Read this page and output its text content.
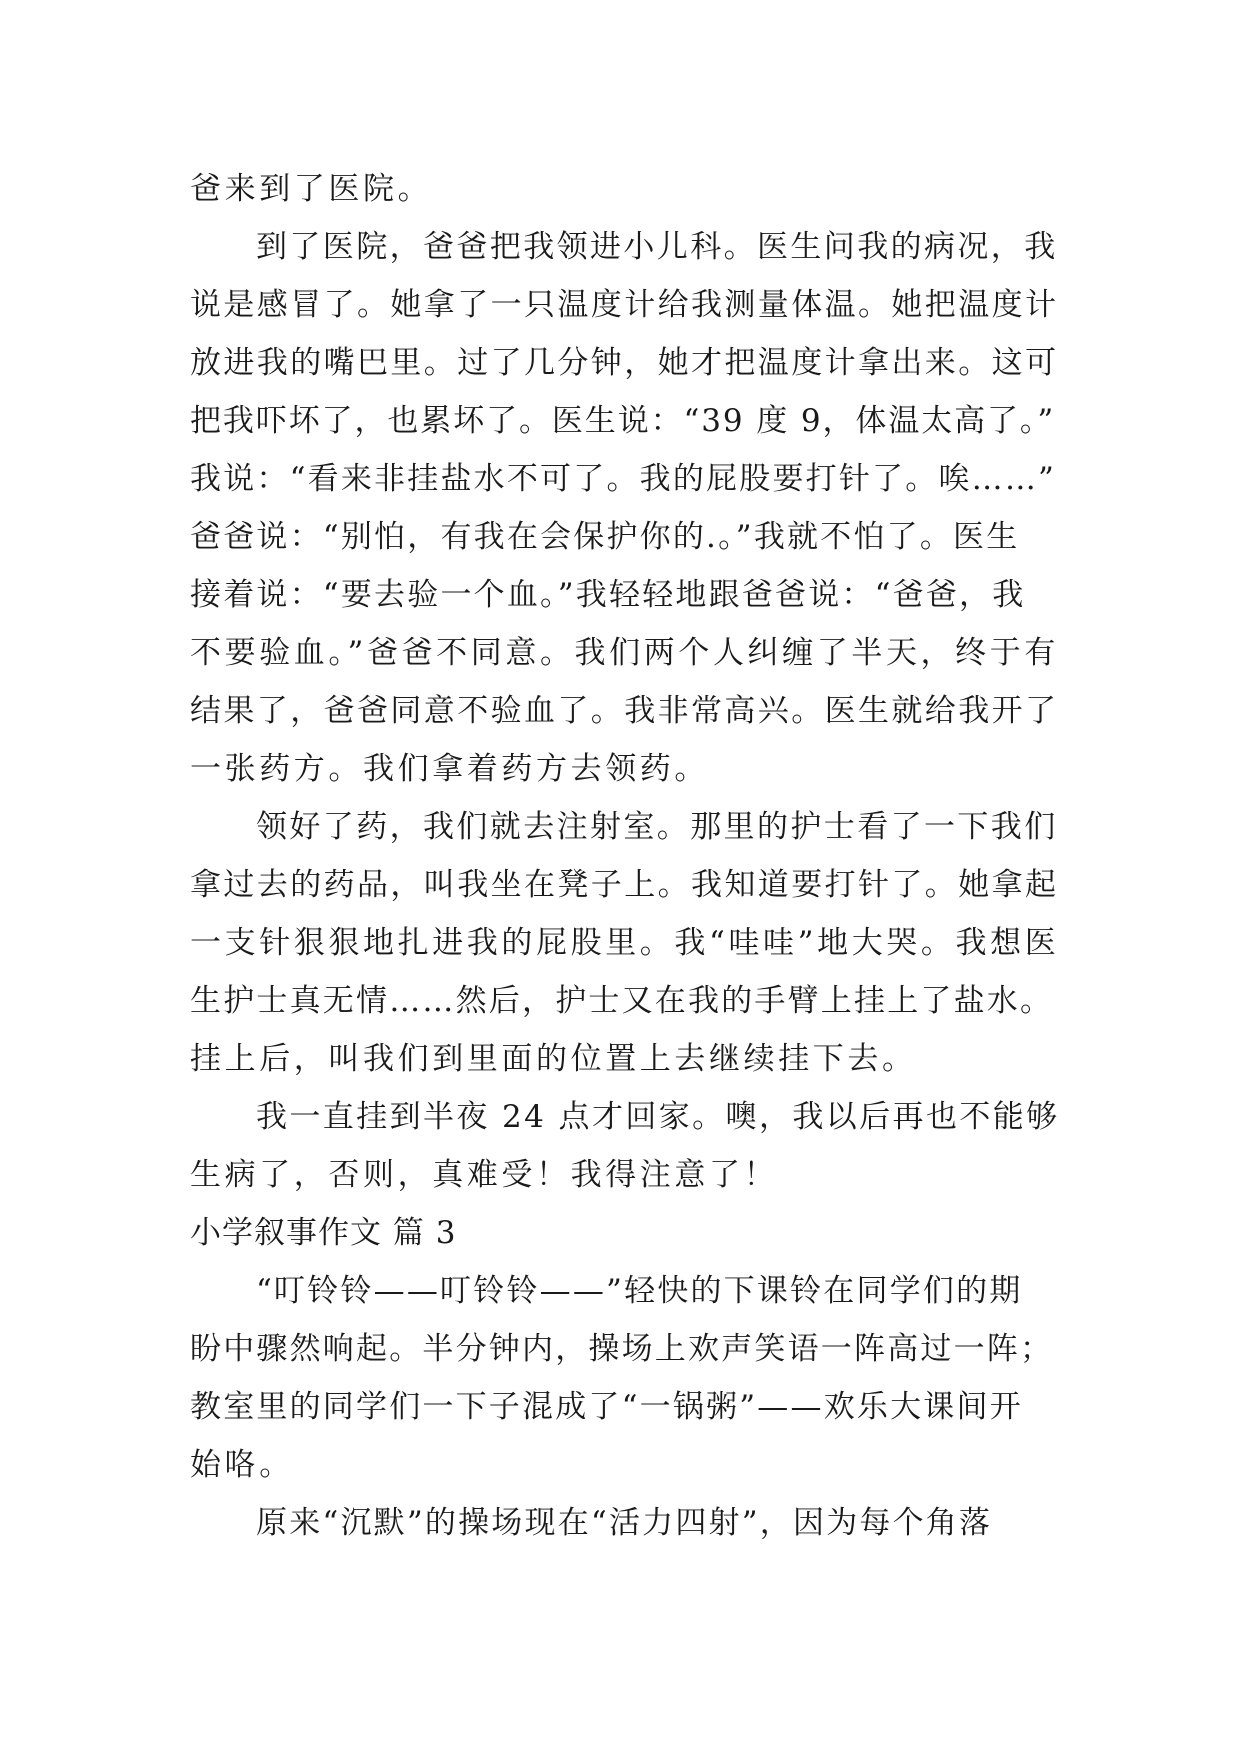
爸来到了医院。
到了医院，爸爸把我领进小儿科。医生问我的病况，我
说是感冒了。她拿了一只温度计给我测量体温。她把温度计
放进我的嘴巴里。过了几分钟，她才把温度计拿出来。这可
把我吓坏了，也累坏了。医生说：“39 度 9，体温太高了。”
我说：“看来非挂盐水不可了。我的屁股要打针了。唉……”
爸爸说：“别怕，有我在会保护你的.。”我就不怕了。医生
接着说：“要去验一个血。”我轻轻地跟爸爸说：“爸爸，我
不要验血。”爸爸不同意。我们两个人纠缠了半天，终于有
结果了，爸爸同意不验血了。我非常高兴。医生就给我开了
一张药方。我们拿着药方去领药。
领好了药，我们就去注射室。那里的护士看了一下我们
拿过去的药品，叫我坐在凳子上。我知道要打针了。她拿起
一支针狠狠地扎进我的屁股里。我“哇哇”地大哭。我想医
生护士真无情……然后，护士又在我的手臂上挂上了盐水。
挂上后，叫我们到里面的位置上去继续挂下去。
我一直挂到半夜 24 点才回家。噢，我以后再也不能够
生病了，否则，真难受！我得注意了！
小学叙事作文 篇 3
“叮铃铃——叮铃铃——”轻快的下课铃在同学们的期
盼中骤然响起。半分钟内，操场上欢声笑语一阵高过一阵；
教室里的同学们一下子混成了“一锅粥”——欢乐大课间开
始咯。
原来“沉默”的操场现在“活力四射”，因为每个角落
